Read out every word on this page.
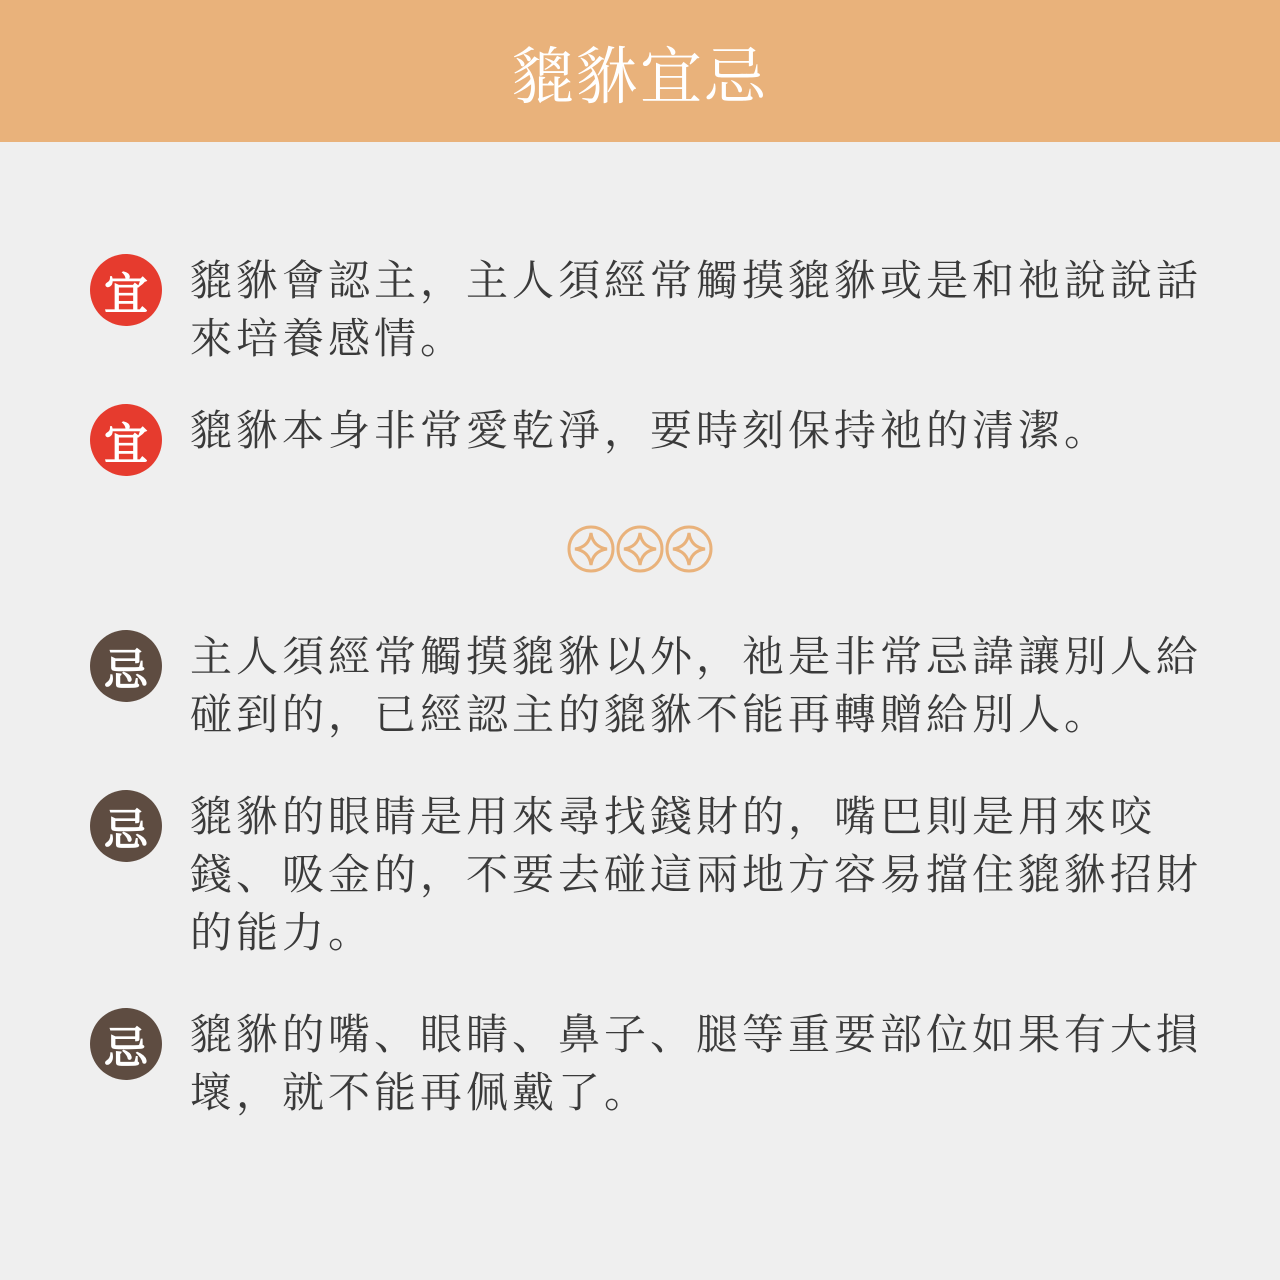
貔貅宜忌
宜	貔貅會認主，主人須經常觸摸貔貅或是和祂說說話來培養感情。
宜	貔貅本身非常愛乾淨，要時刻保持祂的清潔。
忌	主人須經常觸摸貔貅以外，祂是非常忌諱讓別人給碰到的，已經認主的貔貅不能再轉贈給別人。
忌	貔貅的眼睛是用來尋找錢財的，嘴巴則是用來咬錢、吸金的，不要去碰這兩地方容易擋住貔貅招財的能力。
忌	貔貅的嘴、眼睛、鼻子、腿等重要部位如果有大損壞，就不能再佩戴了。
